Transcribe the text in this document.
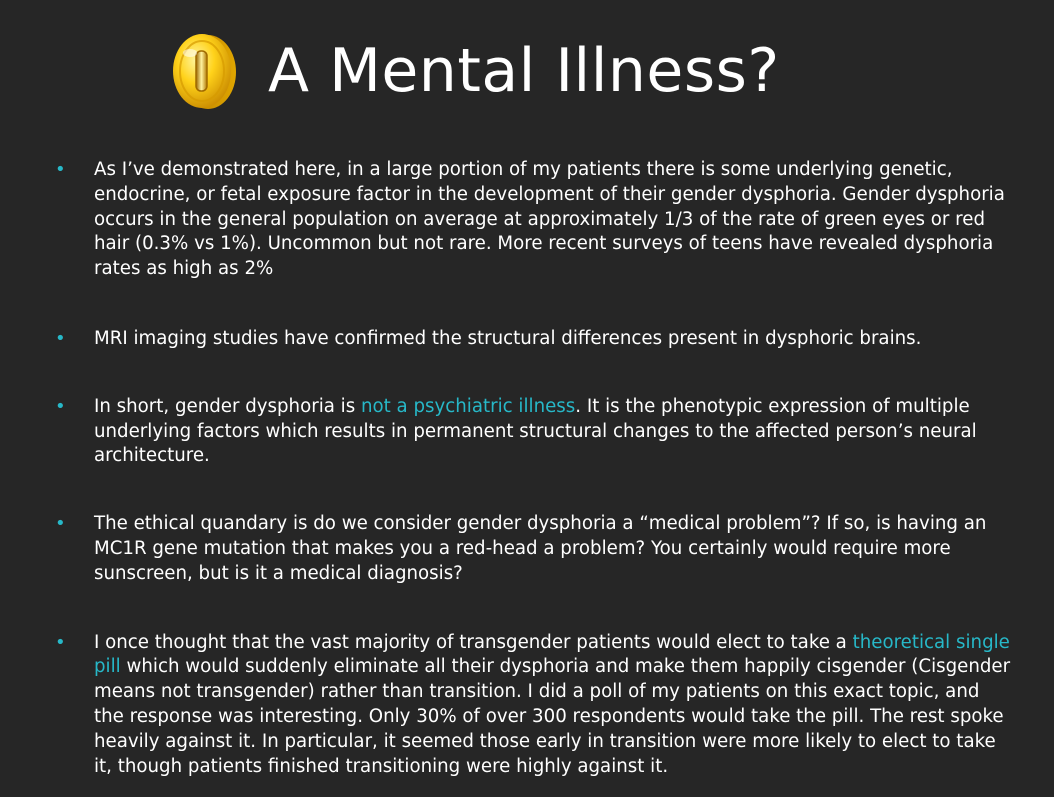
A Mental Illness?
• As I’ve demonstrated here, in a large portion of my patients there is some underlying genetic, endocrine, or fetal exposure factor in the development of their gender dysphoria. Gender dysphoria occurs in the general population on average at approximately 1/3 of the rate of green eyes or red hair (0.3% vs 1%). Uncommon but not rare. More recent surveys of teens have revealed dysphoria rates as high as 2%
• MRI imaging studies have confirmed the structural differences present in dysphoric brains.
• In short, gender dysphoria is not a psychiatric illness. It is the phenotypic expression of multiple underlying factors which results in permanent structural changes to the affected person’s neural architecture.
• The ethical quandary is do we consider gender dysphoria a “medical problem”? If so, is having an MC1R gene mutation that makes you a red-head a problem? You certainly would require more sunscreen, but is it a medical diagnosis?
• I once thought that the vast majority of transgender patients would elect to take a theoretical single pill which would suddenly eliminate all their dysphoria and make them happily cisgender (Cisgender means not transgender) rather than transition. I did a poll of my patients on this exact topic, and the response was interesting. Only 30% of over 300 respondents would take the pill. The rest spoke heavily against it. In particular, it seemed those early in transition were more likely to elect to take it, though patients finished transitioning were highly against it.
